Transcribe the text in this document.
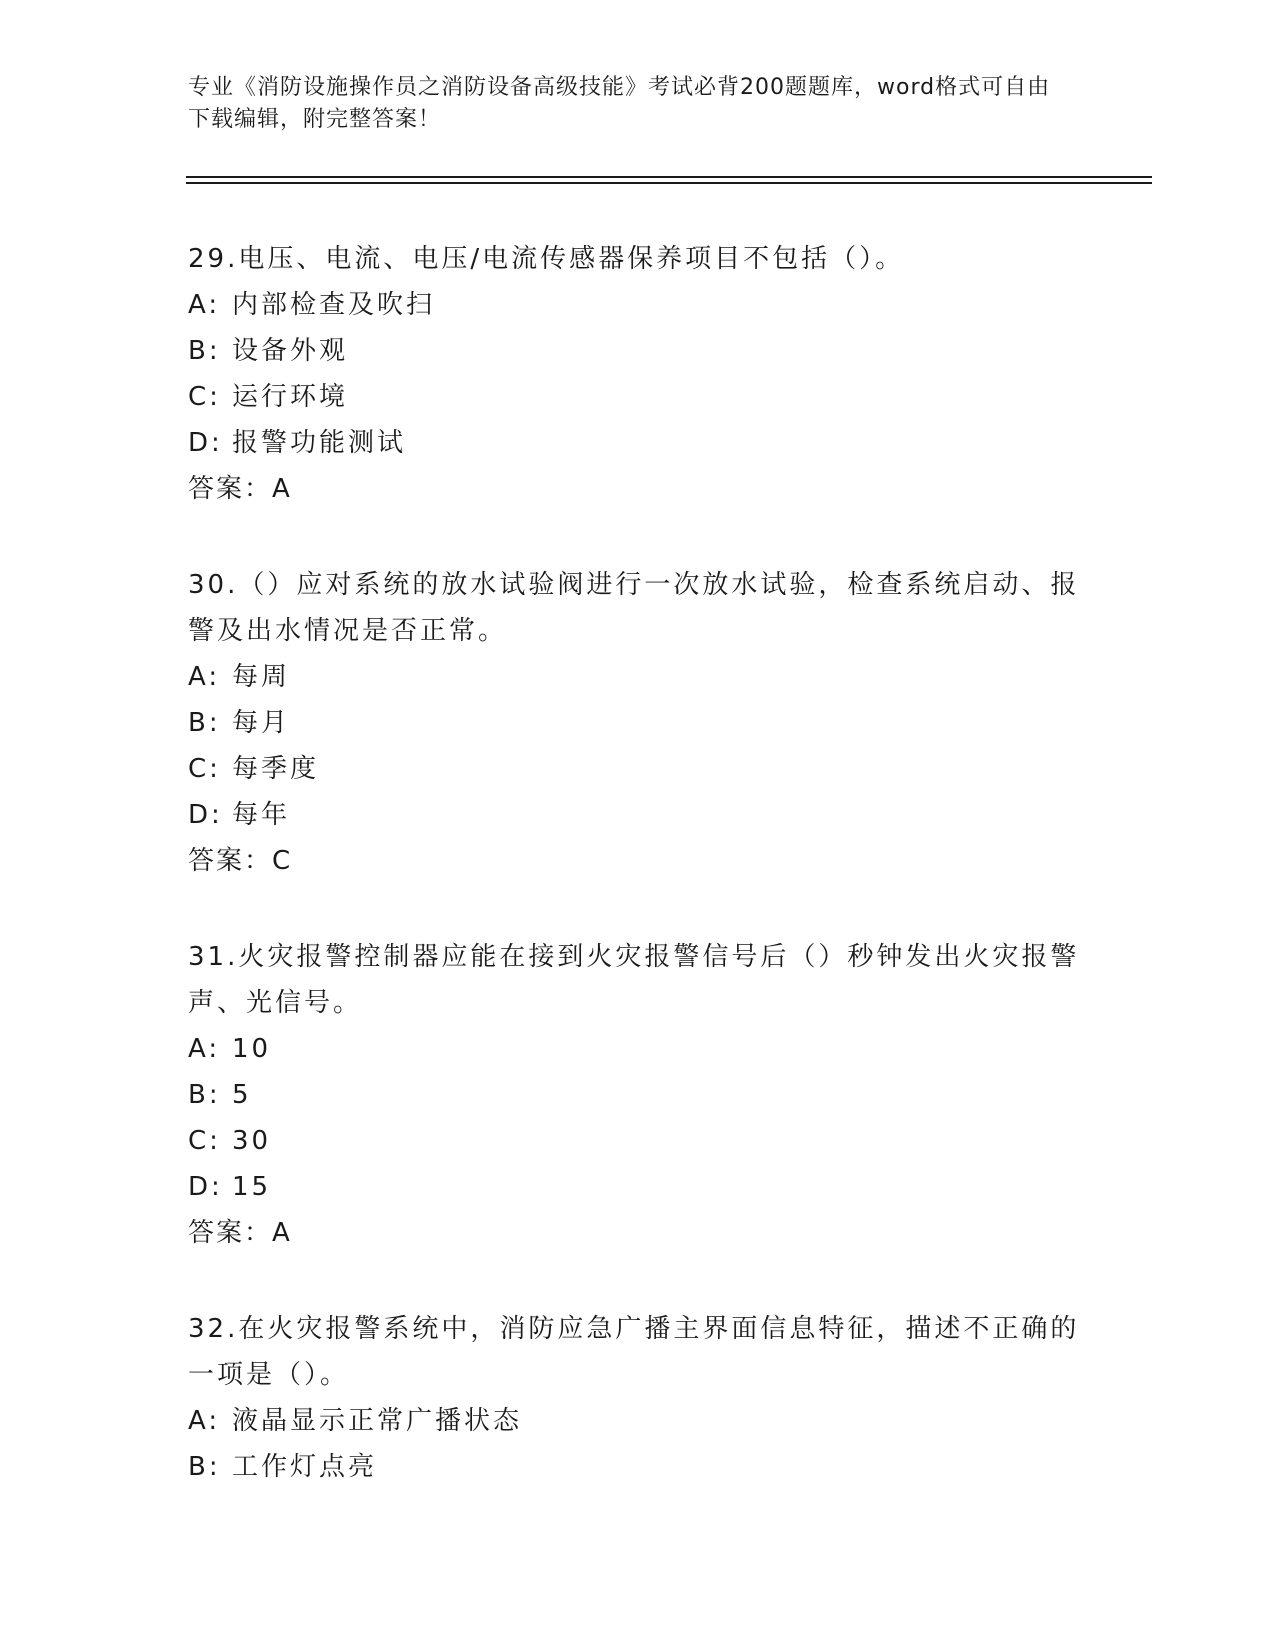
专业《消防设施操作员之消防设备高级技能》考试必背200题题库，word格式可自由下载编辑，附完整答案！
29.电压、电流、电压/电流传感器保养项目不包括（）。
A: 内部检查及吹扫
B: 设备外观
C: 运行环境
D: 报警功能测试
答案：A
30.（）应对系统的放水试验阀进行一次放水试验，检查系统启动、报警及出水情况是否正常。
A: 每周
B: 每月
C: 每季度
D: 每年
答案：C
31.火灾报警控制器应能在接到火灾报警信号后（）秒钟发出火灾报警声、光信号。
A: 10
B: 5
C: 30
D: 15
答案：A
32.在火灾报警系统中，消防应急广播主界面信息特征，描述不正确的一项是（）。
A: 液晶显示正常广播状态
B: 工作灯点亮
